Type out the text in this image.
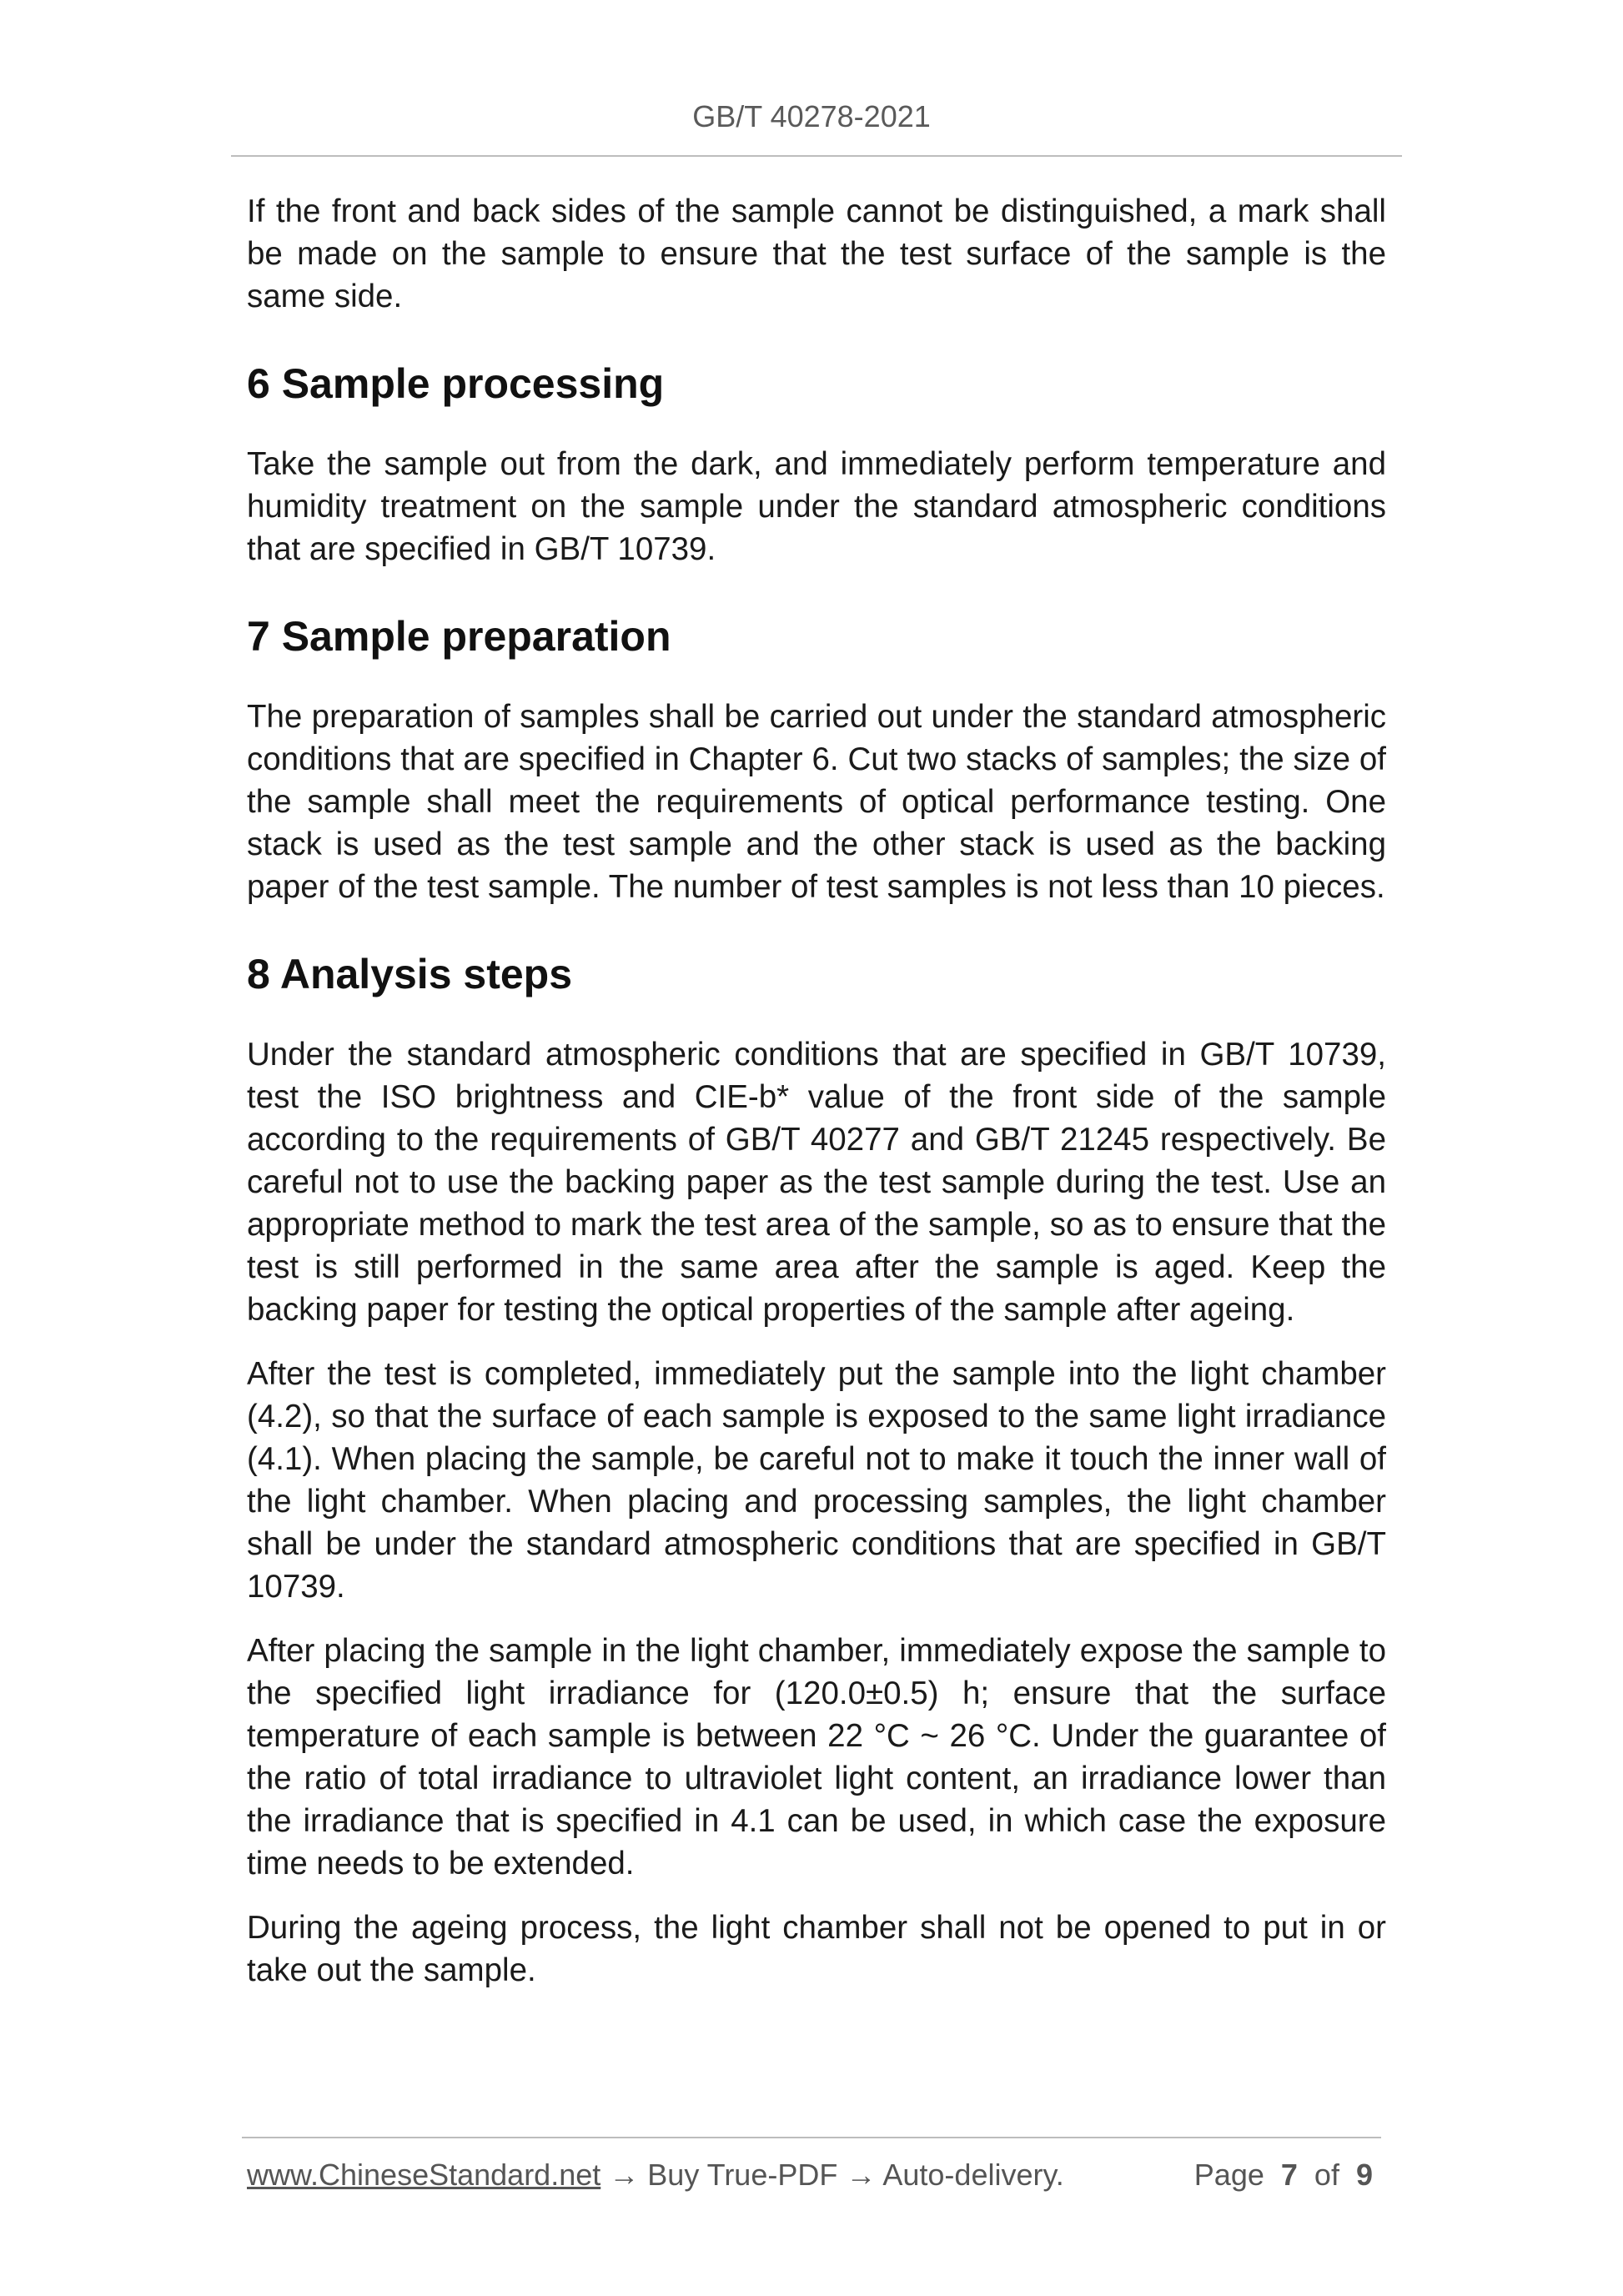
GB/T 40278-2021

If the front and back sides of the sample cannot be distinguished, a mark shall be made on the sample to ensure that the test surface of the sample is the same side.

6 Sample processing

Take the sample out from the dark, and immediately perform temperature and humidity treatment on the sample under the standard atmospheric conditions that are specified in GB/T 10739.

7 Sample preparation

The preparation of samples shall be carried out under the standard atmospheric conditions that are specified in Chapter 6. Cut two stacks of samples; the size of the sample shall meet the requirements of optical performance testing. One stack is used as the test sample and the other stack is used as the backing paper of the test sample. The number of test samples is not less than 10 pieces.

8 Analysis steps

Under the standard atmospheric conditions that are specified in GB/T 10739, test the ISO brightness and CIE-b* value of the front side of the sample according to the requirements of GB/T 40277 and GB/T 21245 respectively. Be careful not to use the backing paper as the test sample during the test. Use an appropriate method to mark the test area of the sample, so as to ensure that the test is still performed in the same area after the sample is aged. Keep the backing paper for testing the optical properties of the sample after ageing.

After the test is completed, immediately put the sample into the light chamber (4.2), so that the surface of each sample is exposed to the same light irradiance (4.1). When placing the sample, be careful not to make it touch the inner wall of the light chamber. When placing and processing samples, the light chamber shall be under the standard atmospheric conditions that are specified in GB/T 10739.

After placing the sample in the light chamber, immediately expose the sample to the specified light irradiance for (120.0±0.5) h; ensure that the surface temperature of each sample is between 22 °C ~ 26 °C. Under the guarantee of the ratio of total irradiance to ultraviolet light content, an irradiance lower than the irradiance that is specified in 4.1 can be used, in which case the exposure time needs to be extended.

During the ageing process, the light chamber shall not be opened to put in or take out the sample.

www.ChineseStandard.net → Buy True-PDF → Auto-delivery.	Page 7 of 9
